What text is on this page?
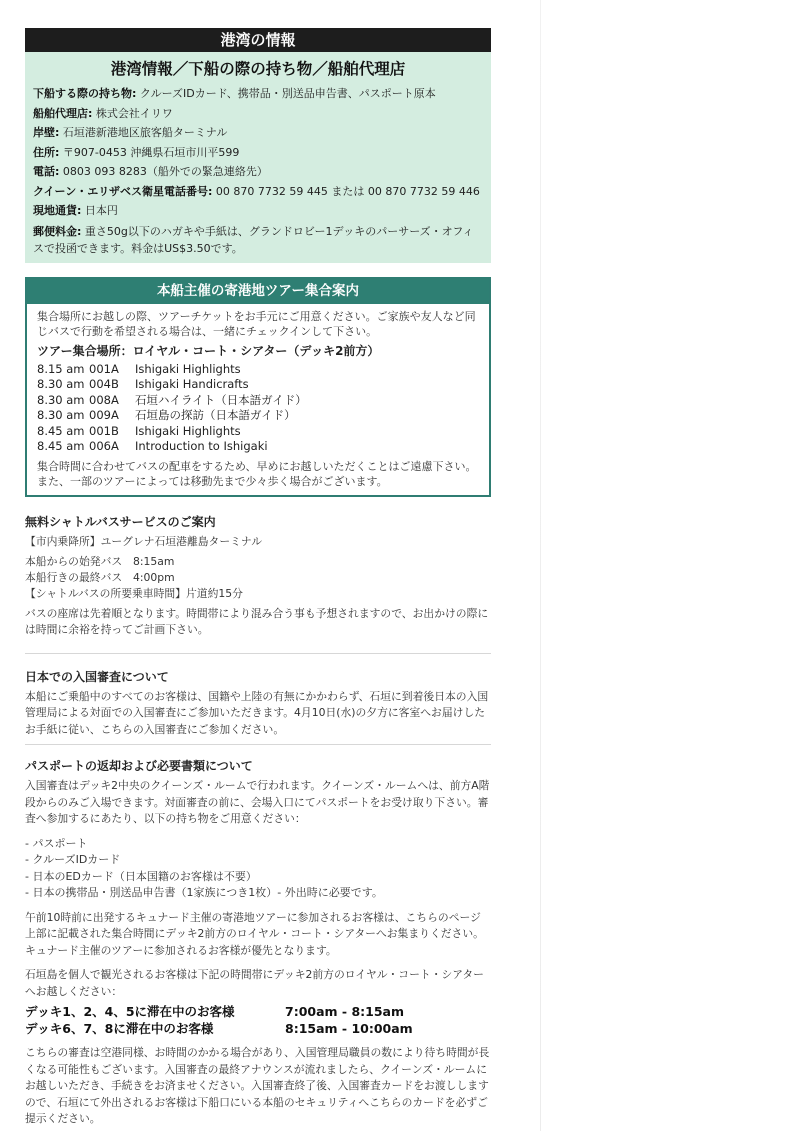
港湾の情報
港湾情報／下船の際の持ち物／船舶代理店
下船する際の持ち物: クルーズIDカード、携帯品・別送品申告書、パスポート原本
船舶代理店: 株式会社イリワ
岸壁: 石垣港新港地区旅客船ターミナル
住所: 〒907-0453 沖縄県石垣市川平599
電話: 0803 093 8283（船外での緊急連絡先）
クイーン・エリザベス衛星電話番号: 00 870 7732 59 445 または 00 870 7732 59 446
現地通貨: 日本円
郵便料金: 重さ50g以下のハガキや手紙は、グランドロビー1デッキのパーサーズ・オフィスで投函できます。料金はUS$3.50です。
本船主催の寄港地ツアー集合案内
集合場所にお越しの際、ツアーチケットをお手元にご用意ください。ご家族や友人など同じバスで行動を希望される場合は、一緒にチェックインして下さい。
ツアー集合場所：ロイヤル・コート・シアター（デッキ2前方）
8.15 am 001A	Ishigaki Highlights
8.30 am 004B	Ishigaki Handicrafts
8.30 am 008A	石垣ハイライト（日本語ガイド）
8.30 am 009A	石垣島の探訪（日本語ガイド）
8.45 am 001B	Ishigaki Highlights
8.45 am 006A	Introduction to Ishigaki
集合時間に合わせてバスの配車をするため、早めにお越しいただくことはご遠慮下さい。また、一部のツアーによっては移動先まで少々歩く場合がございます。
無料シャトルバスサービスのご案内
【市内乗降所】ユーグレナ石垣港離島ターミナル
本船からの始発バス　8:15am
本船行きの最終バス　4:00pm
【シャトルバスの所要乗車時間】片道約15分

バスの座席は先着順となります。時間帯により混み合う事も予想されますので、お出かけの際には時間に余裕を持ってご計画下さい。

日本での入国審査について

本船にご乗船中のすべてのお客様は、国籍や上陸の有無にかかわらず、石垣に到着後日本の入国管理局による対面での入国審査にご参加いただきます。4月10日(水)の夕方に客室へお届けしたお手紙に従い、こちらの入国審査にご参加ください。

パスポートの返却および必要書類について

入国審査はデッキ2中央のクイーンズ・ルームで行われます。クイーンズ・ルームへは、前方A階段からのみご入場できます。対面審査の前に、会場入口にてパスポートをお受け取り下さい。審査へ参加するにあたり、以下の持ち物をご用意ください：

- パスポート
- クルーズIDカード
- 日本のEDカード（日本国籍のお客様は不要）
- 日本の携帯品・別送品申告書（1家族につき1枚）- 外出時に必要です。

午前10時前に出発するキュナード主催の寄港地ツアーに参加されるお客様は、こちらのページ上部に記載された集合時間にデッキ2前方のロイヤル・コート・シアターへお集まりください。キュナード主催のツアーに参加されるお客様が優先となります。

石垣島を個人で観光されるお客様は下記の時間帯にデッキ2前方のロイヤル・コート・シアターへお越しください：

デッキ1、2、4、5に滞在中のお客様	7:00am - 8:15am
デッキ6、7、8に滞在中のお客様	8:15am - 10:00am

こちらの審査は空港同様、お時間のかかる場合があり、入国管理局職員の数により待ち時間が長くなる可能性もございます。入国審査の最終アナウンスが流れましたら、クイーンズ・ルームにお越しいただき、手続きをお済ませください。入国審査終了後、入国審査カードをお渡ししますので、石垣にて外出されるお客様は下船口にいる本船のセキュリティへこちらのカードを必ずご提示ください。
